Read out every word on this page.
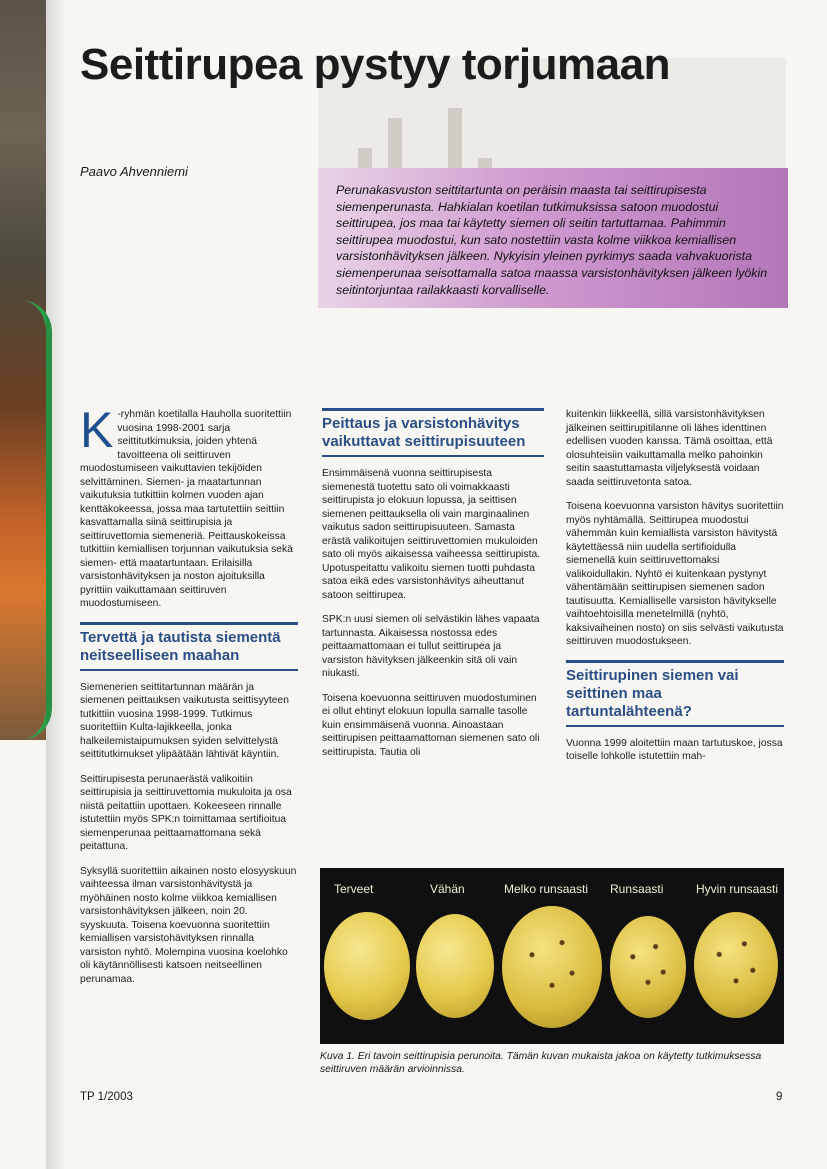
Seittirupea pystyy torjumaan
Paavo Ahvenniemi
Perunakasvuston seittitartunta on peräisin maasta tai seittirupisesta siemenperunasta. Hahkialan koetilan tutkimuksissa satoon muodostui seittirupea, jos maa tai käytetty siemen oli seitin tartuttamaa. Pahimmin seittirupea muodostui, kun sato nostettiin vasta kolme viikkoa kemiallisen varsistonhävityksen jälkeen. Nykyisin yleinen pyrkimys saada vahvakuorista siemenperunaa seisottamalla satoa maassa varsistonhävityksen jälkeen lyökin seitintorjuntaa railakkaasti korvalliselle.

K -ryhmän koetilalla Hauholla suoritettiin vuosina 1998-2001 sarja seittitutkimuksia, joiden yhtenä tavoitteena oli seittiruven muodostumiseen vaikuttavien tekijöiden selvittäminen. Siemen- ja maatartunnan vaikutuksia tutkittiin kolmen vuoden ajan kenttäkokeessa, jossa maa tartutettiin seittiin kasvattamalla siinä seittirupisia ja seittiruvettomia siemeneriä. Peittauskokeissa tutkittiin kemiallisen torjunnan vaikutuksia sekä siemen- että maatartuntaan. Erilaisilla varsistonhävityksen ja noston ajoituksilla pyrittiin vaikuttamaan seittiruven muodostumiseen.

Tervettä ja tautista siementä neitseelliseen maahan

Siemenerien seittitartunnan määrän ja siemenen peittauksen vaikutusta seittisyyteen tutkittiin vuosina 1998-1999. Tutkimus suoritettiin Kulta-lajikkeella, jonka halkeilemistaipumuksen syiden selvittelystä seittitutkimukset ylipäätään lähtivät käyntiin.

Seittirupisesta perunaerästä valikoitiin seittirupisia ja seittiruvettomia mukuloita ja osa niistä peitattiin upottaen. Kokeeseen rinnalle istutettiin myös SPK:n toimittamaa sertifioitua siemenperunaa peittaamattomana sekä peitattuna.

Syksyllä suoritettiin aikainen nosto elosyyskuun vaihteessa ilman varsistonhävitystä ja myöhäinen nosto kolme viikkoa kemiallisen varsistonhävityksen jälkeen, noin 20. syyskuuta. Toisena koevuonna suoritettiin kemiallisen varsistohävityksen rinnalla varsiston nyhtö. Molempina vuosina koelohko oli käytännöllisesti katsoen neitseellinen perunamaa.

Peittaus ja varsistonhävitys vaikuttavat seittirupisuuteen

Ensimmäisenä vuonna seittirupisesta siemenestä tuotettu sato oli voimakkaasti seittirupista jo elokuun lopussa, ja seittisen siemenen peittauksella oli vain marginaalinen vaikutus sadon seittirupisuuteen. Samasta erästä valikoitujen seittiruvettomien mukuloiden sato oli myös aikaisessa vaiheessa seittirupista. Upotuspeitattu valikoitu siemen tuotti puhdasta satoa eikä edes varsistonhävitys aiheuttanut satoon seittirupea.

SPK:n uusi siemen oli selvästikin lähes vapaata tartunnasta. Aikaisessa nostossa edes peittaamattomaan ei tullut seittirupea ja varsiston hävityksen jälkeenkin sitä oli vain niukasti.

Toisena koevuonna seittiruven muodostuminen ei ollut ehtinyt elokuun lopulla samalle tasolle kuin ensimmäisenä vuonna. Ainoastaan seittirupisen peittaamattoman siemenen sato oli seittirupista. Tautia oli

kuitenkin liikkeellä, sillä varsistonhävityksen jälkeinen seittirupitilanne oli lähes identtinen edellisen vuoden kanssa. Tämä osoittaa, että olosuhteisiin vaikuttamalla melko pahoinkin seitin saastuttamasta viljelyksestä voidaan saada seittiruvetonta satoa.

Toisena koevuonna varsiston hävitys suoritettiin myös nyhtämällä. Seittirupea muodostui vähemmän kuin kemiallista varsiston hävitystä käytettäessä niin uudella sertifioidulla siemenellä kuin seittiruvettomaksi valikoidullakin. Nyhtö ei kuitenkaan pystynyt vähentämään seittirupisen siemenen sadon tautisuutta. Kemialliselle varsiston hävitykselle vaihtoehtoisilla menetelmillä (nyhtö, kaksivaiheinen nosto) on siis selvästi vaikutusta seittiruven muodostukseen.

Seittirupinen siemen vai seittinen maa tartuntalähteenä?

Vuonna 1999 aloitettiin maan tartutuskoe, jossa toiselle lohkolle istutettiin mah-

Terveet	Vähän	Melko runsaasti Runsaasti	Hyvin runsaasti
Kuva 1. Eri tavoin seittirupisia perunoita. Tämän kuvan mukaista jakoa on käytetty tutkimuksessa seittiruven määrän arvioinnissa.
TP 1/2003	9
